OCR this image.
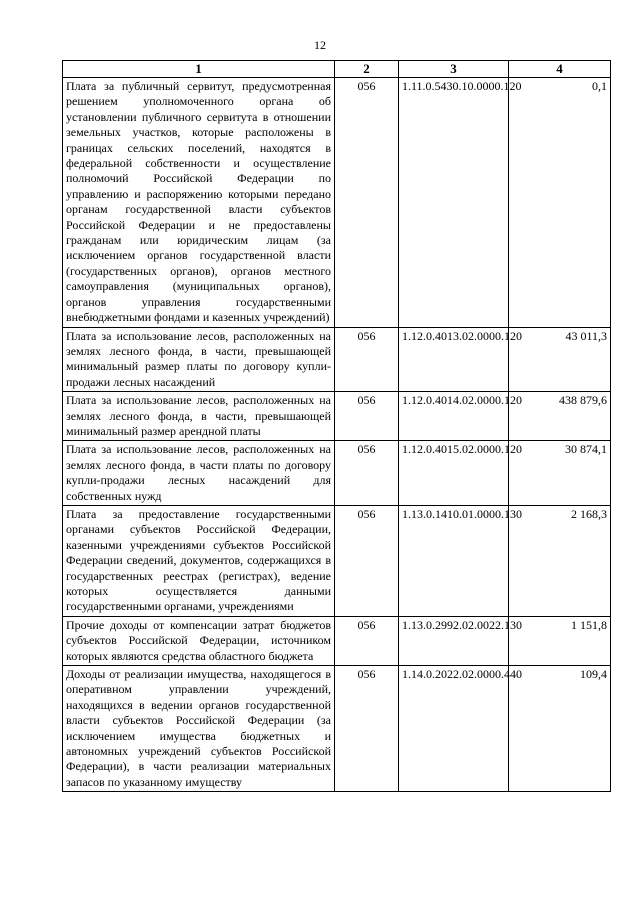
12
1	2	3	4
Плата за публичный сервитут, предусмотренная решением уполномоченного органа об установлении публичного сервитута в отношении земельных участков, которые расположены в границах сельских поселений, находятся в федеральной собственности и осуществление полномочий Российской Федерации по управлению и распоряжению которыми передано органам государственной власти субъектов Российской Федерации и не предоставлены гражданам или юридическим лицам (за исключением органов государственной власти (государственных органов), органов местного самоуправления (муниципальных органов), органов управления государственными внебюджетными фондами и казенных учреждений)	056	1.11.0.5430.10.0000.120	0,1
Плата за использование лесов, расположенных на землях лесного фонда, в части, превышающей минимальный размер платы по договору купли-продажи лесных насаждений	056	1.12.0.4013.02.0000.120	43 011,3
Плата за использование лесов, расположенных на землях лесного фонда, в части, превышающей минимальный размер арендной платы	056	1.12.0.4014.02.0000.120	438 879,6
Плата за использование лесов, расположенных на землях лесного фонда, в части платы по договору купли-продажи лесных насаждений для собственных нужд	056	1.12.0.4015.02.0000.120	30 874,1
Плата за предоставление государственными органами субъектов Российской Федерации, казенными учреждениями субъектов Российской Федерации сведений, документов, содержащихся в государственных реестрах (регистрах), ведение которых осуществляется данными государственными органами, учреждениями	056	1.13.0.1410.01.0000.130	2 168,3
Прочие доходы от компенсации затрат бюджетов субъектов Российской Федерации, источником которых являются средства областного бюджета	056	1.13.0.2992.02.0022.130	1 151,8
Доходы от реализации имущества, находящегося в оперативном управлении учреждений, находящихся в ведении органов государственной власти субъектов Российской Федерации (за исключением имущества бюджетных и автономных учреждений субъектов Российской Федерации), в части реализации материальных запасов по указанному имуществу	056	1.14.0.2022.02.0000.440	109,4
